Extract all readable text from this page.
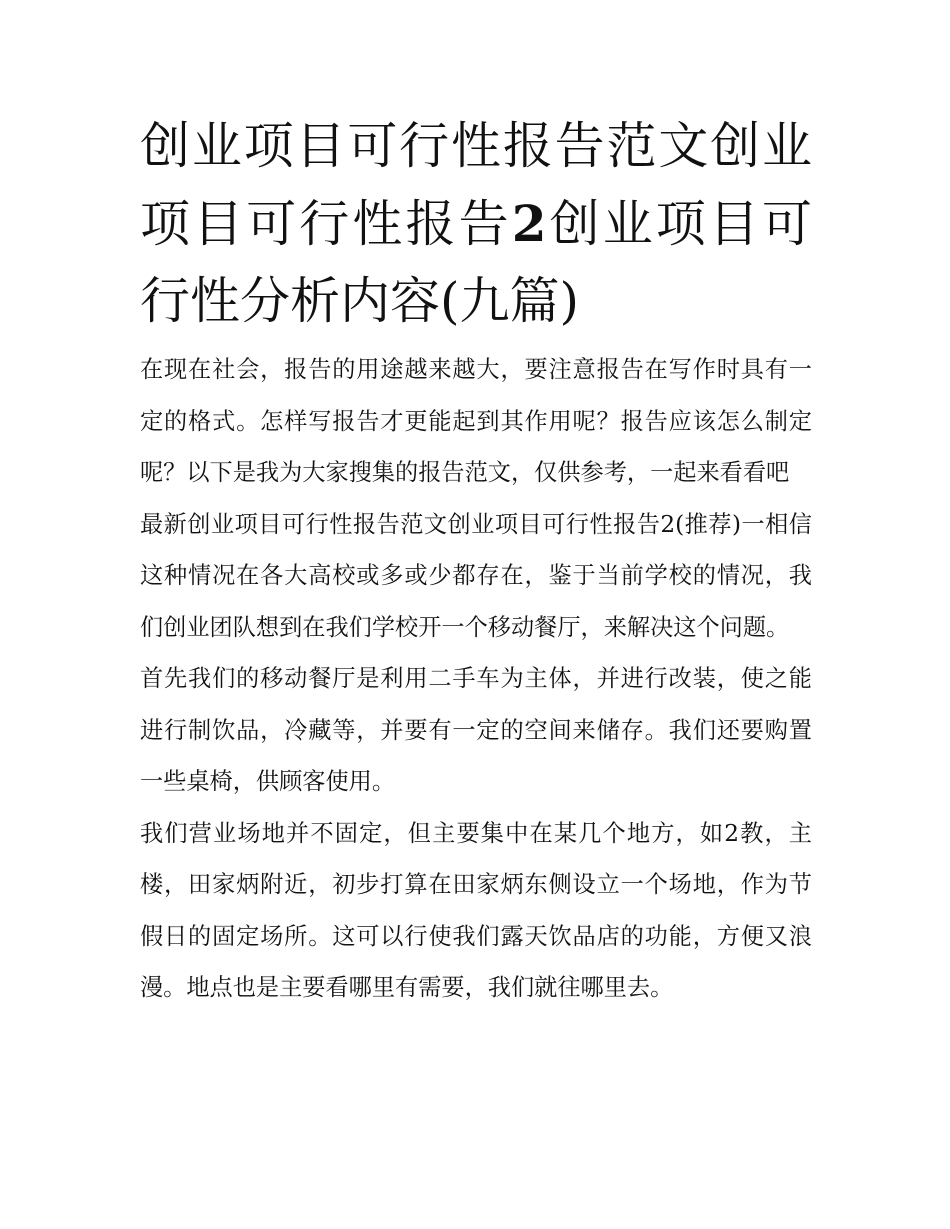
创业项目可行性报告范文创业项目可行性报告2创业项目可行性分析内容(九篇)

在现在社会，报告的用途越来越大，要注意报告在写作时具有一定的格式。怎样写报告才更能起到其作用呢？报告应该怎么制定呢？以下是我为大家搜集的报告范文，仅供参考，一起来看看吧

最新创业项目可行性报告范文创业项目可行性报告2(推荐)一相信这种情况在各大高校或多或少都存在，鉴于当前学校的情况，我们创业团队想到在我们学校开一个移动餐厅，来解决这个问题。

首先我们的移动餐厅是利用二手车为主体，并进行改装，使之能进行制饮品，冷藏等，并要有一定的空间来储存。我们还要购置一些桌椅，供顾客使用。

我们营业场地并不固定，但主要集中在某几个地方，如2教，主楼，田家炳附近，初步打算在田家炳东侧设立一个场地，作为节假日的固定场所。这可以行使我们露天饮品店的功能，方便又浪漫。地点也是主要看哪里有需要，我们就往哪里去。
